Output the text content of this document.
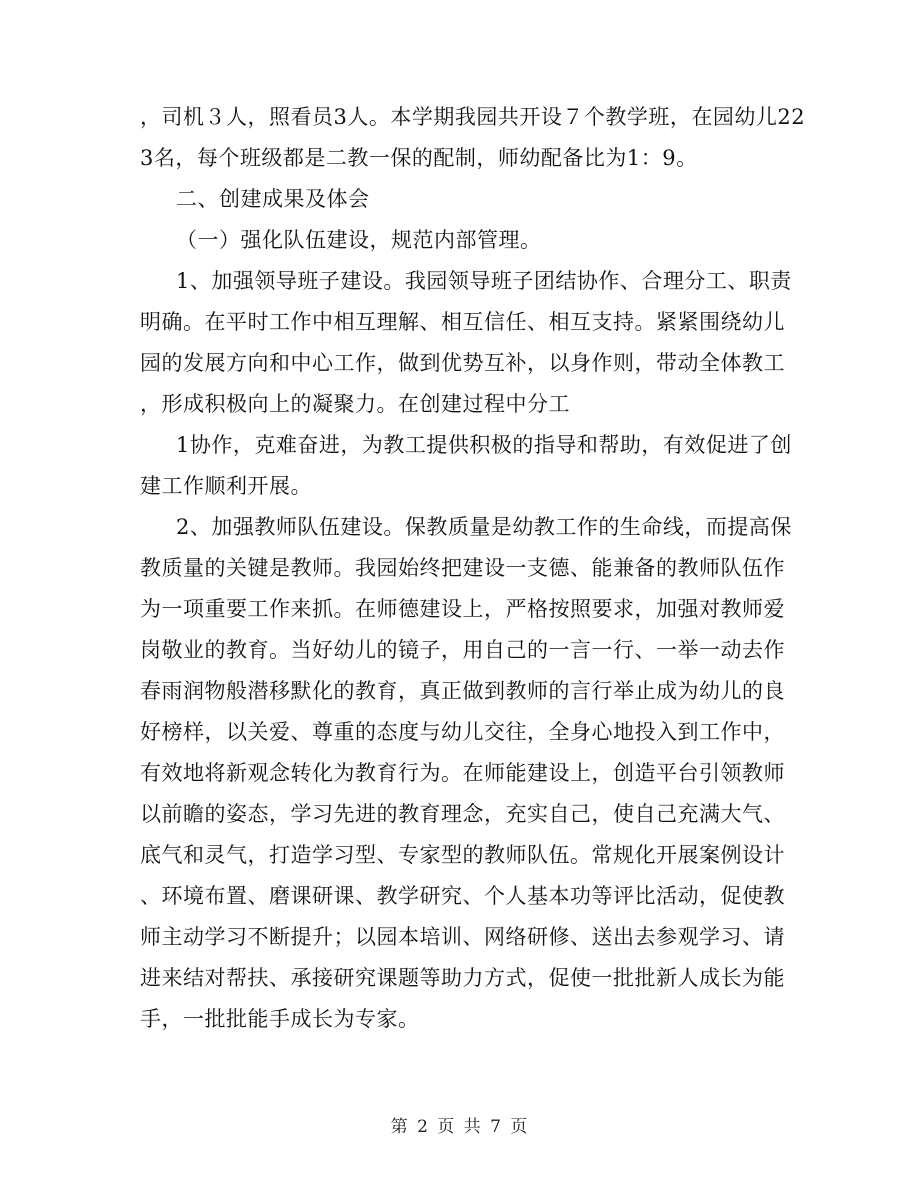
，司机３人，照看员3人。本学期我园共开设７个教学班，在园幼儿22
3名，每个班级都是二教一保的配制，师幼配备比为1：9。
二、创建成果及体会
（一）强化队伍建设，规范内部管理。
1、加强领导班子建设。我园领导班子团结协作、合理分工、职责
明确。在平时工作中相互理解、相互信任、相互支持。紧紧围绕幼儿
园的发展方向和中心工作，做到优势互补，以身作则，带动全体教工
，形成积极向上的凝聚力。在创建过程中分工
1协作，克难奋进，为教工提供积极的指导和帮助，有效促进了创
建工作顺利开展。
2、加强教师队伍建设。保教质量是幼教工作的生命线，而提高保
教质量的关键是教师。我园始终把建设一支德、能兼备的教师队伍作
为一项重要工作来抓。在师德建设上，严格按照要求，加强对教师爱
岗敬业的教育。当好幼儿的镜子，用自己的一言一行、一举一动去作
春雨润物般潜移默化的教育，真正做到教师的言行举止成为幼儿的良
好榜样，以关爱、尊重的态度与幼儿交往，全身心地投入到工作中，
有效地将新观念转化为教育行为。在师能建设上，创造平台引领教师
以前瞻的姿态，学习先进的教育理念，充实自己，使自己充满大气、
底气和灵气，打造学习型、专家型的教师队伍。常规化开展案例设计
、环境布置、磨课研课、教学研究、个人基本功等评比活动，促使教
师主动学习不断提升；以园本培训、网络研修、送出去参观学习、请
进来结对帮扶、承接研究课题等助力方式，促使一批批新人成长为能
手，一批批能手成长为专家。
第 2 页 共 7 页
